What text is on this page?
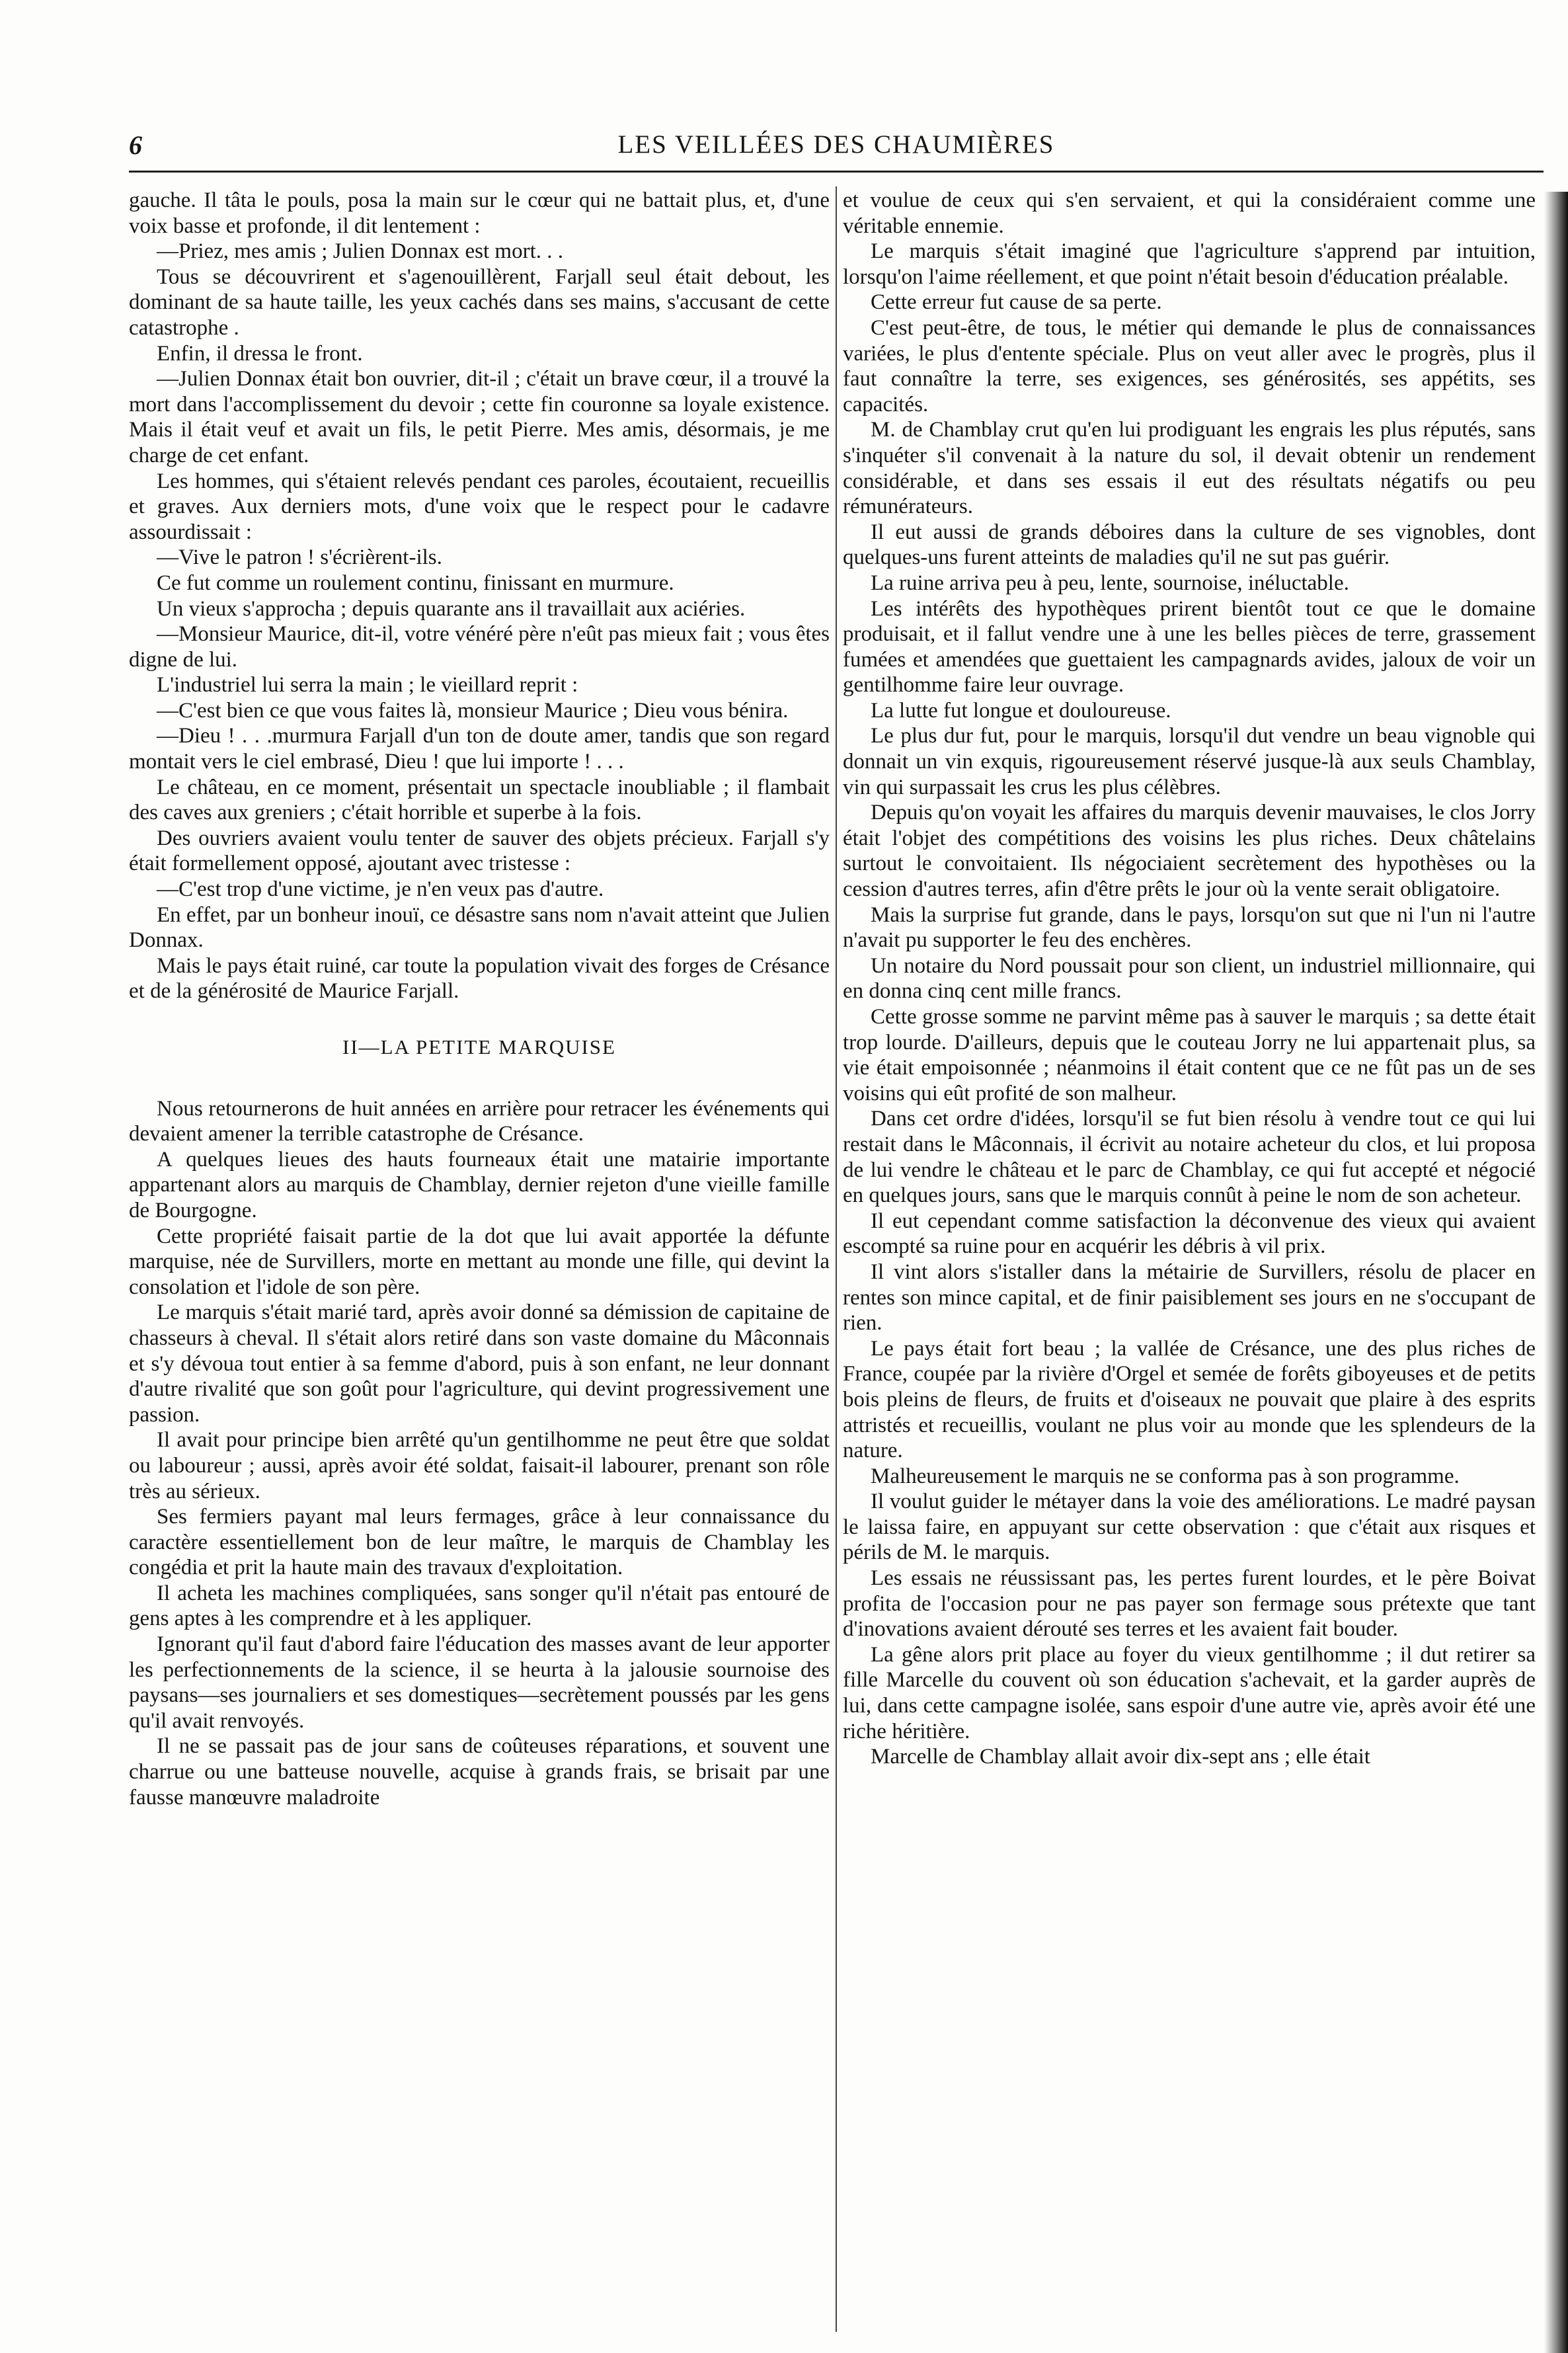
6	LES VEILLÉES DES CHAUMIÈRES

gauche. Il tâta le pouls, posa la main sur le cœur qui ne battait plus, et, d'une voix basse et profonde, il dit lentement :

—Priez, mes amis ; Julien Donnax est mort. . .

Tous se découvrirent et s'agenouillèrent, Farjall seul était debout, les dominant de sa haute taille, les yeux cachés dans ses mains, s'accusant de cette catastrophe .

Enfin, il dressa le front.

—Julien Donnax était bon ouvrier, dit-il ; c'était un brave cœur, il a trouvé la mort dans l'accomplissement du devoir ; cette fin couronne sa loyale existence. Mais il était veuf et avait un fils, le petit Pierre. Mes amis, désormais, je me charge de cet enfant.

Les hommes, qui s'étaient relevés pendant ces paroles, écoutaient, recueillis et graves. Aux derniers mots, d'une voix que le respect pour le cadavre assourdissait :

—Vive le patron ! s'écrièrent-ils.

Ce fut comme un roulement continu, finissant en murmure.

Un vieux s'approcha ; depuis quarante ans il travaillait aux aciéries.

—Monsieur Maurice, dit-il, votre vénéré père n'eût pas mieux fait ; vous êtes digne de lui.

L'industriel lui serra la main ; le vieillard reprit :

—C'est bien ce que vous faites là, monsieur Maurice ; Dieu vous bénira.

—Dieu ! . . .murmura Farjall d'un ton de doute amer, tandis que son regard montait vers le ciel embrasé, Dieu ! que lui importe ! . . .

Le château, en ce moment, présentait un spectacle inoubliable ; il flambait des caves aux greniers ; c'était horrible et superbe à la fois.

Des ouvriers avaient voulu tenter de sauver des objets précieux. Farjall s'y était formellement opposé, ajoutant avec tristesse :

—C'est trop d'une victime, je n'en veux pas d'autre.

En effet, par un bonheur inouï, ce désastre sans nom n'avait atteint que Julien Donnax.

Mais le pays était ruiné, car toute la population vivait des forges de Crésance et de la générosité de Maurice Farjall.

II—LA PETITE MARQUISE

Nous retournerons de huit années en arrière pour retracer les événements qui devaient amener la terrible catastrophe de Crésance.

A quelques lieues des hauts fourneaux était une matairie importante appartenant alors au marquis de Chamblay, dernier rejeton d'une vieille famille de Bourgogne.

Cette propriété faisait partie de la dot que lui avait apportée la défunte marquise, née de Survillers, morte en mettant au monde une fille, qui devint la consolation et l'idole de son père.

Le marquis s'était marié tard, après avoir donné sa démission de capitaine de chasseurs à cheval. Il s'était alors retiré dans son vaste domaine du Mâconnais et s'y dévoua tout entier à sa femme d'abord, puis à son enfant, ne leur donnant d'autre rivalité que son goût pour l'agriculture, qui devint progressivement une passion.

Il avait pour principe bien arrêté qu'un gentilhomme ne peut être que soldat ou laboureur ; aussi, après avoir été soldat, faisait-il labourer, prenant son rôle très au sérieux.

Ses fermiers payant mal leurs fermages, grâce à leur connaissance du caractère essentiellement bon de leur maître, le marquis de Chamblay les congédia et prit la haute main des travaux d'exploitation.

Il acheta les machines compliquées, sans songer qu'il n'était pas entouré de gens aptes à les comprendre et à les appliquer.

Ignorant qu'il faut d'abord faire l'éducation des masses avant de leur apporter les perfectionnements de la science, il se heurta à la jalousie sournoise des paysans—ses journaliers et ses domestiques—secrètement poussés par les gens qu'il avait renvoyés.

Il ne se passait pas de jour sans de coûteuses réparations, et souvent une charrue ou une batteuse nouvelle, acquise à grands frais, se brisait par une fausse manœuvre maladroite

et voulue de ceux qui s'en servaient, et qui la considéraient comme une véritable ennemie.

Le marquis s'était imaginé que l'agriculture s'apprend par intuition, lorsqu'on l'aime réellement, et que point n'était besoin d'éducation préalable.

Cette erreur fut cause de sa perte.

C'est peut-être, de tous, le métier qui demande le plus de connaissances variées, le plus d'entente spéciale. Plus on veut aller avec le progrès, plus il faut connaître la terre, ses exigences, ses générosités, ses appétits, ses capacités.

M. de Chamblay crut qu'en lui prodiguant les engrais les plus réputés, sans s'inquéter s'il convenait à la nature du sol, il devait obtenir un rendement considérable, et dans ses essais il eut des résultats négatifs ou peu rémunérateurs.

Il eut aussi de grands déboires dans la culture de ses vignobles, dont quelques-uns furent atteints de maladies qu'il ne sut pas guérir.

La ruine arriva peu à peu, lente, sournoise, inéluctable.

Les intérêts des hypothèques prirent bientôt tout ce que le domaine produisait, et il fallut vendre une à une les belles pièces de terre, grassement fumées et amendées que guettaient les campagnards avides, jaloux de voir un gentilhomme faire leur ouvrage.

La lutte fut longue et douloureuse.

Le plus dur fut, pour le marquis, lorsqu'il dut vendre un beau vignoble qui donnait un vin exquis, rigoureusement réservé jusque-là aux seuls Chamblay, vin qui surpassait les crus les plus célèbres.

Depuis qu'on voyait les affaires du marquis devenir mauvaises, le clos Jorry était l'objet des compétitions des voisins les plus riches. Deux châtelains surtout le convoitaient. Ils négociaient secrètement des hypothèses ou la cession d'autres terres, afin d'être prêts le jour où la vente serait obligatoire.

Mais la surprise fut grande, dans le pays, lorsqu'on sut que ni l'un ni l'autre n'avait pu supporter le feu des enchères.

Un notaire du Nord poussait pour son client, un industriel millionnaire, qui en donna cinq cent mille francs.

Cette grosse somme ne parvint même pas à sauver le marquis ; sa dette était trop lourde. D'ailleurs, depuis que le couteau Jorry ne lui appartenait plus, sa vie était empoisonnée ; néanmoins il était content que ce ne fût pas un de ses voisins qui eût profité de son malheur.

Dans cet ordre d'idées, lorsqu'il se fut bien résolu à vendre tout ce qui lui restait dans le Mâconnais, il écrivit au notaire acheteur du clos, et lui proposa de lui vendre le château et le parc de Chamblay, ce qui fut accepté et négocié en quelques jours, sans que le marquis connût à peine le nom de son acheteur.

Il eut cependant comme satisfaction la déconvenue des vieux qui avaient escompté sa ruine pour en acquérir les débris à vil prix.

Il vint alors s'istaller dans la métairie de Survillers, résolu de placer en rentes son mince capital, et de finir paisiblement ses jours en ne s'occupant de rien.

Le pays était fort beau ; la vallée de Crésance, une des plus riches de France, coupée par la rivière d'Orgel et semée de forêts giboyeuses et de petits bois pleins de fleurs, de fruits et d'oiseaux ne pouvait que plaire à des esprits attristés et recueillis, voulant ne plus voir au monde que les splendeurs de la nature.

Malheureusement le marquis ne se conforma pas à son programme.

Il voulut guider le métayer dans la voie des améliorations. Le madré paysan le laissa faire, en appuyant sur cette observation : que c'était aux risques et périls de M. le marquis.

Les essais ne réussissant pas, les pertes furent lourdes, et le père Boivat profita de l'occasion pour ne pas payer son fermage sous prétexte que tant d'inovations avaient dérouté ses terres et les avaient fait bouder.

La gêne alors prit place au foyer du vieux gentilhomme ; il dut retirer sa fille Marcelle du couvent où son éducation s'achevait, et la garder auprès de lui, dans cette campagne isolée, sans espoir d'une autre vie, après avoir été une riche héritière.

Marcelle de Chamblay allait avoir dix-sept ans ; elle était
